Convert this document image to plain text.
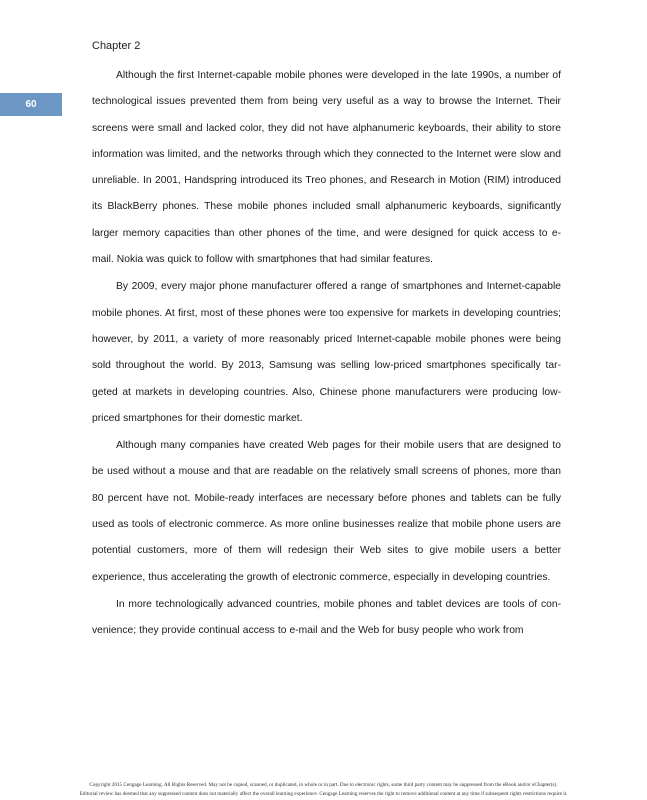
Chapter 2
60

Although the first Internet-capable mobile phones were developed in the late 1990s, a number of technological issues prevented them from being very useful as a way to browse the Internet. Their screens were small and lacked color, they did not have alphanumeric keyboards, their ability to store information was limited, and the networks through which they connected to the Internet were slow and unreliable. In 2001, Handspring introduced its Treo phones, and Research in Motion (RIM) introduced its BlackBerry phones. These mobile phones included small alphanumeric keyboards, significantly larger memory capacities than other phones of the time, and were designed for quick access to e-mail. Nokia was quick to follow with smartphones that had similar features.

By 2009, every major phone manufacturer offered a range of smartphones and Internet-capable mobile phones. At first, most of these phones were too expensive for markets in developing countries; however, by 2011, a variety of more reasonably priced Internet-capable mobile phones were being sold throughout the world. By 2013, Samsung was selling low-priced smartphones specifically targeted at markets in developing countries. Also, Chinese phone manufacturers were producing lowpriced smartphones for their domestic market.

Although many companies have created Web pages for their mobile users that are designed to be used without a mouse and that are readable on the relatively small screens of phones, more than 80 percent have not. Mobile-ready interfaces are necessary before phones and tablets can be fully used as tools of electronic commerce. As more online businesses realize that mobile phone users are potential customers, more of them will redesign their Web sites to give mobile users a better experience, thus accelerating the growth of electronic commerce, especially in developing countries.

In more technologically advanced countries, mobile phones and tablet devices are tools of convenience; they provide continual access to e-mail and the Web for busy people who work from

Copyright 2015 Cengage Learning. All Rights Reserved. May not be copied, scanned, or duplicated, in whole or in part. Due to electronic rights, some third party content may be suppressed from the eBook and/or eChapter(s).
Editorial review has deemed that any suppressed content does not materially affect the overall learning experience. Cengage Learning reserves the right to remove additional content at any time if subsequent rights restrictions require it.
